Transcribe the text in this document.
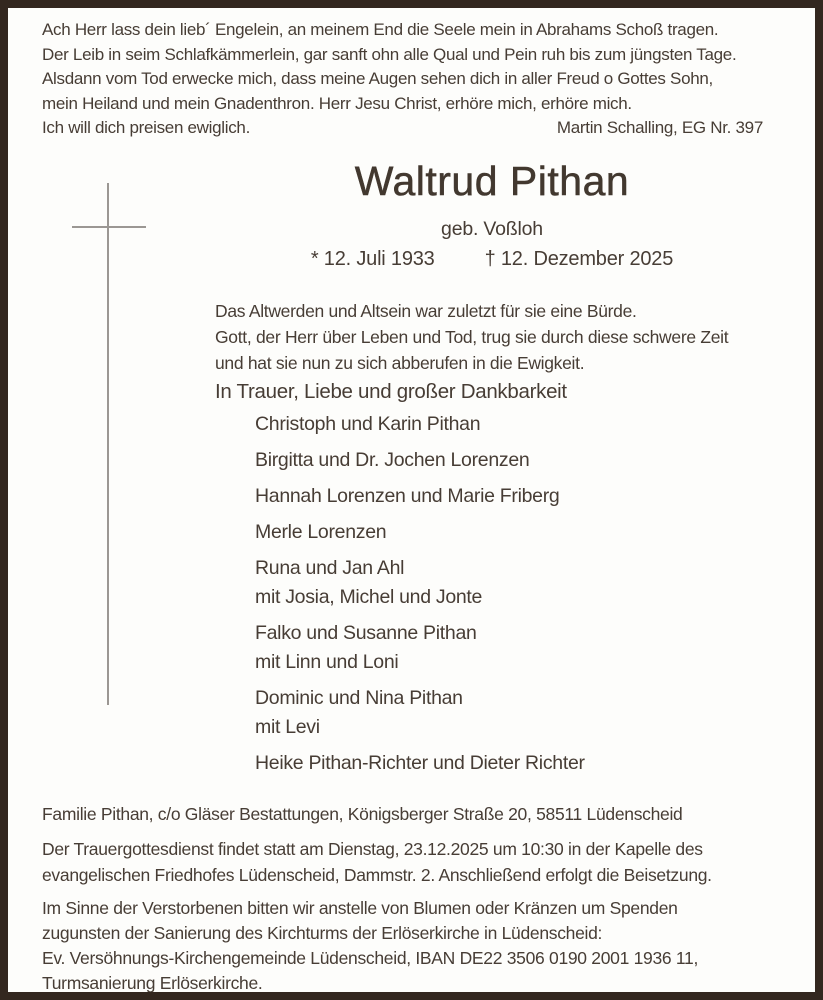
Ach Herr lass dein lieb´ Engelein, an meinem End die Seele mein in Abrahams Schoß tragen.
Der Leib in seim Schlafkämmerlein, gar sanft ohn alle Qual und Pein ruh bis zum jüngsten Tage.
Alsdann vom Tod erwecke mich, dass meine Augen sehen dich in aller Freud o Gottes Sohn,
mein Heiland und mein Gnadenthron. Herr Jesu Christ, erhöre mich, erhöre mich.
Ich will dich preisen ewiglich.	Martin Schalling, EG Nr. 397
Waltrud Pithan
geb. Voßloh
* 12. Juli 1933	† 12. Dezember 2025
Das Altwerden und Altsein war zuletzt für sie eine Bürde.
Gott, der Herr über Leben und Tod, trug sie durch diese schwere Zeit
und hat sie nun zu sich abberufen in die Ewigkeit.
In Trauer, Liebe und großer Dankbarkeit
Christoph und Karin Pithan
Birgitta und Dr. Jochen Lorenzen
Hannah Lorenzen und Marie Friberg
Merle Lorenzen
Runa und Jan Ahl
mit Josia, Michel und Jonte
Falko und Susanne Pithan
mit Linn und Loni
Dominic und Nina Pithan
mit Levi
Heike Pithan-Richter und Dieter Richter
Familie Pithan, c/o Gläser Bestattungen, Königsberger Straße 20, 58511 Lüdenscheid
Der Trauergottesdienst findet statt am Dienstag, 23.12.2025 um 10:30 in der Kapelle des
evangelischen Friedhofes Lüdenscheid, Dammstr. 2. Anschließend erfolgt die Beisetzung.
Im Sinne der Verstorbenen bitten wir anstelle von Blumen oder Kränzen um Spenden
zugunsten der Sanierung des Kirchturms der Erlöserkirche in Lüdenscheid:
Ev. Versöhnungs-Kirchengemeinde Lüdenscheid, IBAN DE22 3506 0190 2001 1936 11,
Turmsanierung Erlöserkirche.
